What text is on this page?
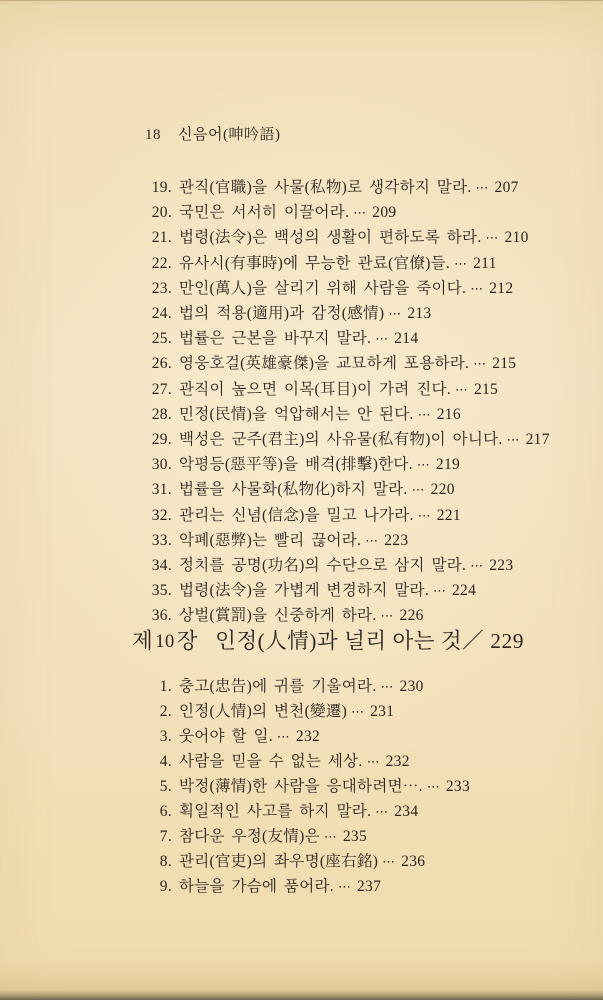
18 신음어(呻吟語)
19. 관직(官職)을 사물(私物)로 생각하지 말라. ⋯ 207
20. 국민은 서서히 이끌어라. ⋯ 209
21. 법령(法令)은 백성의 생활이 편하도록 하라. ⋯ 210
22. 유사시(有事時)에 무능한 관료(官僚)들. ⋯ 211
23. 만인(萬人)을 살리기 위해 사람을 죽이다. ⋯ 212
24. 법의 적용(適用)과 감정(感情) ⋯ 213
25. 법률은 근본을 바꾸지 말라. ⋯ 214
26. 영웅호걸(英雄豪傑)을 교묘하게 포용하라. ⋯ 215
27. 관직이 높으면 이목(耳目)이 가려 진다. ⋯ 215
28. 민정(民情)을 억압해서는 안 된다. ⋯ 216
29. 백성은 군주(君主)의 사유물(私有物)이 아니다. ⋯ 217
30. 악평등(惡平等)을 배격(排擊)한다. ⋯ 219
31. 법률을 사물화(私物化)하지 말라. ⋯ 220
32. 관리는 신념(信念)을 밀고 나가라. ⋯ 221
33. 악폐(惡弊)는 빨리 끊어라. ⋯ 223
34. 정치를 공명(功名)의 수단으로 삼지 말라. ⋯ 223
35. 법령(法令)을 가볍게 변경하지 말라. ⋯ 224
36. 상벌(賞罰)을 신중하게 하라. ⋯ 226
제 10장 인정(人情)과 널리 아는 것／ 229
1. 충고(忠告)에 귀를 기울여라. ⋯ 230
2. 인정(人情)의 변천(變遷) ⋯ 231
3. 웃어야 할 일. ⋯ 232
4. 사람을 믿을 수 없는 세상. ⋯ 232
5. 박정(薄情)한 사람을 응대하려면⋯. ⋯ 233
6. 획일적인 사고를 하지 말라. ⋯ 234
7. 참다운 우정(友情)은 ⋯ 235
8. 관리(官吏)의 좌우명(座右銘) ⋯ 236
9. 하늘을 가슴에 품어라. ⋯ 237
